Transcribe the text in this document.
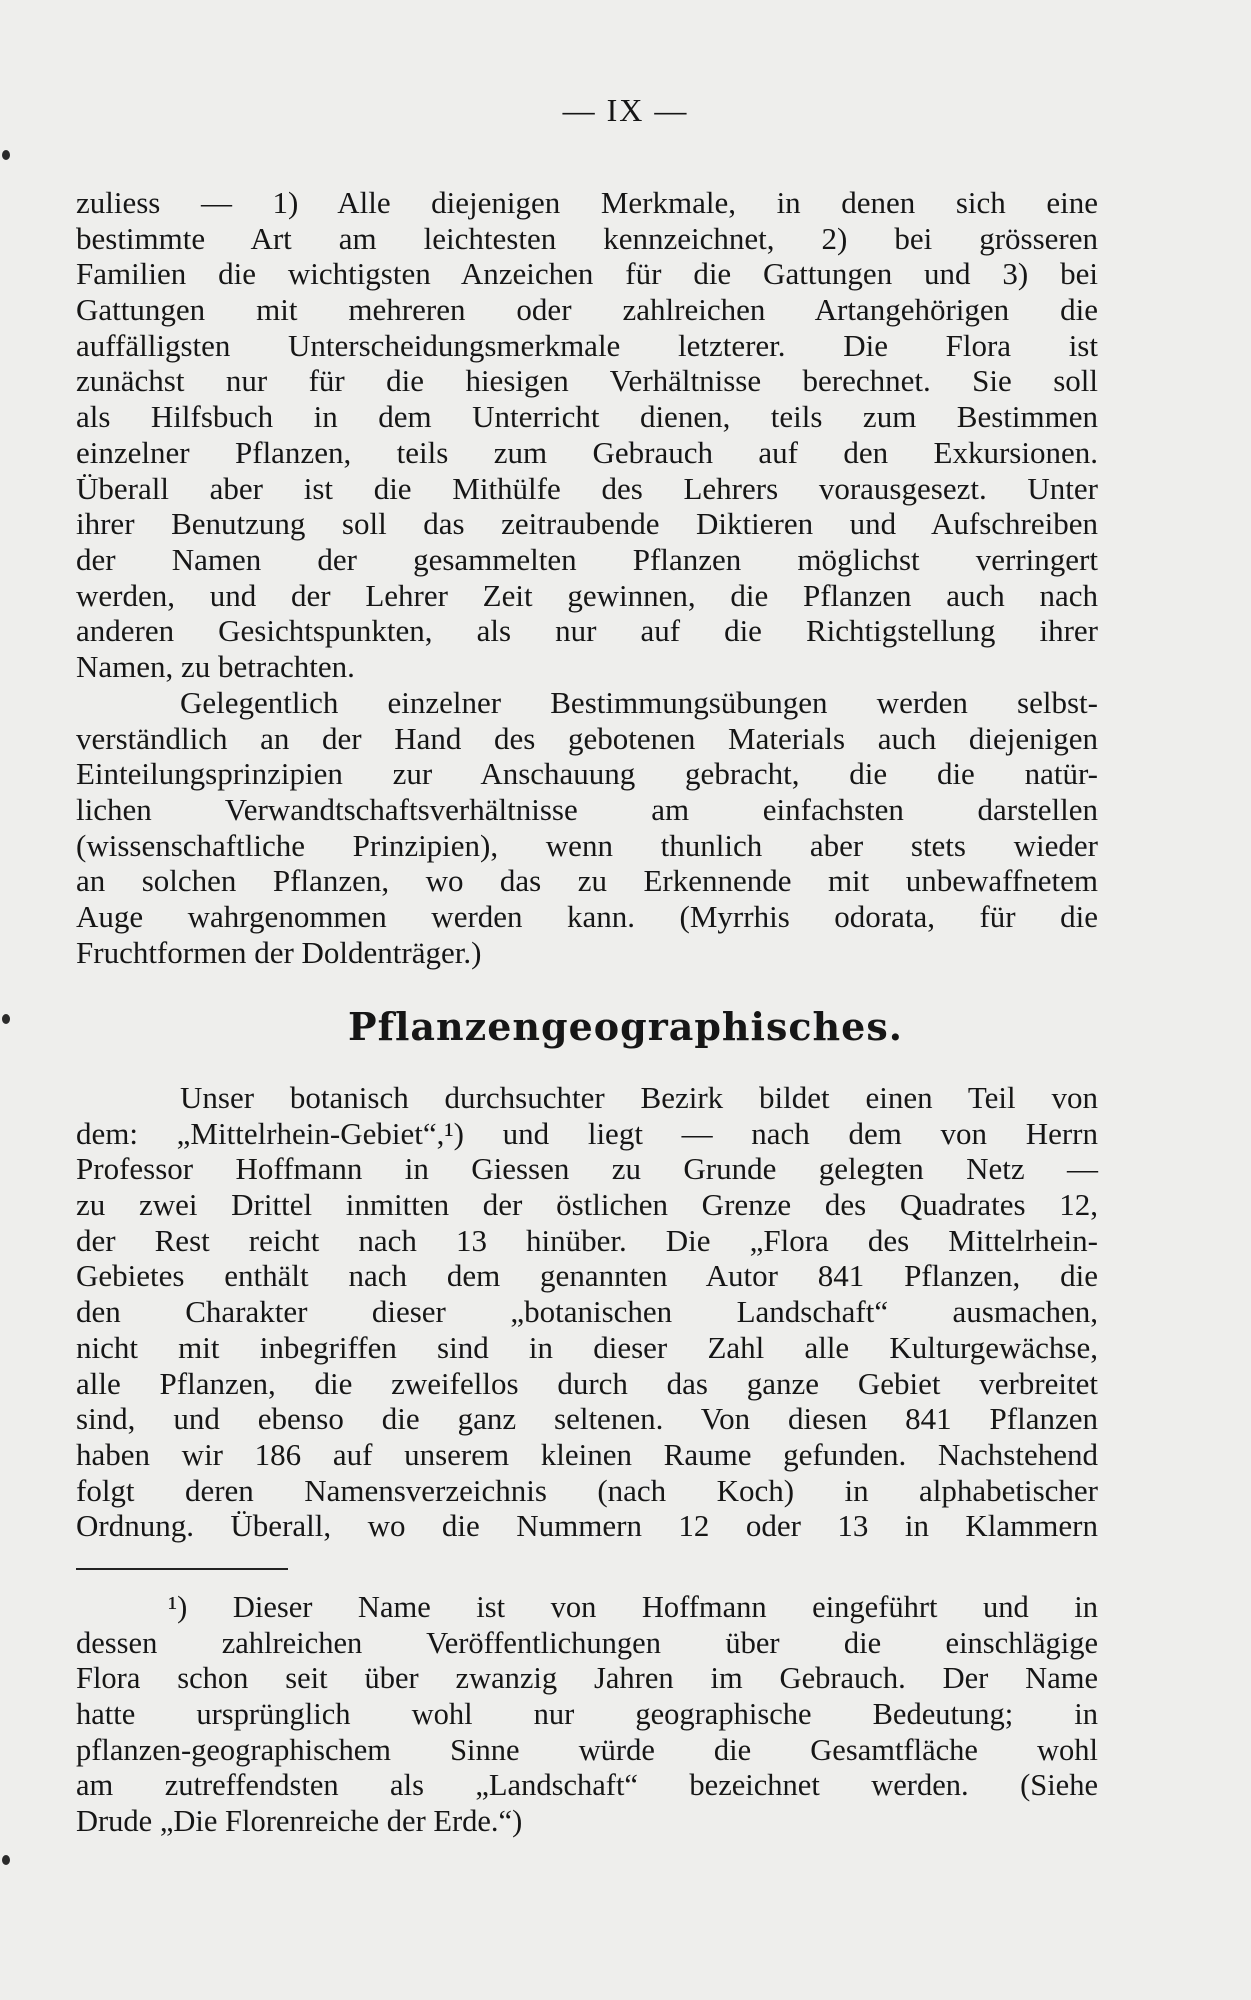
— IX —
zuliess — 1) Alle diejenigen Merkmale, in denen sich eine
bestimmte Art am leichtesten kennzeichnet, 2) bei grösseren
Familien die wichtigsten Anzeichen für die Gattungen und 3) bei
Gattungen mit mehreren oder zahlreichen Artangehörigen die
auffälligsten Unterscheidungsmerkmale letzterer. Die Flora ist
zunächst nur für die hiesigen Verhältnisse berechnet. Sie soll
als Hilfsbuch in dem Unterricht dienen, teils zum Bestimmen
einzelner Pflanzen, teils zum Gebrauch auf den Exkursionen.
Überall aber ist die Mithülfe des Lehrers vorausgesezt. Unter
ihrer Benutzung soll das zeitraubende Diktieren und Aufschreiben
der Namen der gesammelten Pflanzen möglichst verringert
werden, und der Lehrer Zeit gewinnen, die Pflanzen auch nach
anderen Gesichtspunkten, als nur auf die Richtigstellung ihrer
Namen, zu betrachten.
Gelegentlich einzelner Bestimmungsübungen werden selbst-
verständlich an der Hand des gebotenen Materials auch diejenigen
Einteilungsprinzipien zur Anschauung gebracht, die die natür-
lichen Verwandtschaftsverhältnisse am einfachsten darstellen
(wissenschaftliche Prinzipien), wenn thunlich aber stets wieder
an solchen Pflanzen, wo das zu Erkennende mit unbewaffnetem
Auge wahrgenommen werden kann. (Myrrhis odorata, für die
Fruchtformen der Doldenträger.)
Pflanzengeographisches.
Unser botanisch durchsuchter Bezirk bildet einen Teil von
dem: „Mittelrhein-Gebiet“,¹) und liegt — nach dem von Herrn
Professor Hoffmann in Giessen zu Grunde gelegten Netz —
zu zwei Drittel inmitten der östlichen Grenze des Quadrates 12,
der Rest reicht nach 13 hinüber. Die „Flora des Mittelrhein-
Gebietes enthält nach dem genannten Autor 841 Pflanzen, die
den Charakter dieser „botanischen Landschaft“ ausmachen,
nicht mit inbegriffen sind in dieser Zahl alle Kulturgewächse,
alle Pflanzen, die zweifellos durch das ganze Gebiet verbreitet
sind, und ebenso die ganz seltenen. Von diesen 841 Pflanzen
haben wir 186 auf unserem kleinen Raume gefunden. Nachstehend
folgt deren Namensverzeichnis (nach Koch) in alphabetischer
Ordnung. Überall, wo die Nummern 12 oder 13 in Klammern
¹) Dieser Name ist von Hoffmann eingeführt und in
dessen zahlreichen Veröffentlichungen über die einschlägige
Flora schon seit über zwanzig Jahren im Gebrauch. Der Name
hatte ursprünglich wohl nur geographische Bedeutung; in
pflanzen-geographischem Sinne würde die Gesamtfläche wohl
am zutreffendsten als „Landschaft“ bezeichnet werden. (Siehe
Drude „Die Florenreiche der Erde.“)
